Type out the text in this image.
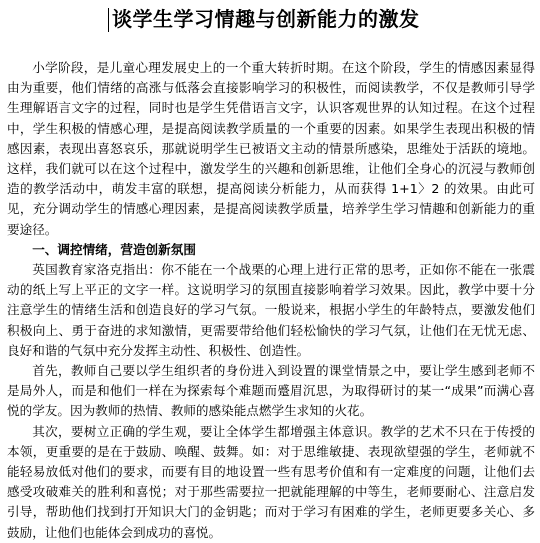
谈学生学习情趣与创新能力的激发

小学阶段，是儿童心理发展史上的一个重大转折时期。在这个阶段，学生的情感因素显得由为重要，他们情绪的高涨与低落会直接影响学习的积极性，而阅读教学，不仅是教师引导学生理解语言文字的过程，同时也是学生凭借语言文字，认识客观世界的认知过程。在这个过程中，学生积极的情感心理，是提高阅读教学质量的一个重要的因素。如果学生表现出积极的情感因素，表现出喜怒哀乐，那就说明学生已被语文主动的情景所感染，思维处于活跃的境地。这样，我们就可以在这个过程中，激发学生的兴趣和创新思维，让他们全身心的沉浸与教师创造的教学活动中，萌发丰富的联想，提高阅读分析能力，从而获得 1+1〉2 的效果。由此可见，充分调动学生的情感心理因素，是提高阅读教学质量，培养学生学习情趣和创新能力的重要途径。

一、调控情绪，营造创新氛围

英国教育家洛克指出：你不能在一个战栗的心理上进行正常的思考，正如你不能在一张震动的纸上写上平正的文字一样。这说明学习的氛围直接影响着学习效果。因此，教学中要十分注意学生的情绪生活和创造良好的学习气氛。一般说来，根据小学生的年龄特点，要激发他们积极向上、勇于奋进的求知激情，更需要带给他们轻松愉快的学习气氛，让他们在无忧无虑、良好和谐的气氛中充分发挥主动性、积极性、创造性。

首先，教师自己要以学生组织者的身份进入到设置的课堂情景之中，要让学生感到老师不是局外人，而是和他们一样在为探索每个难题而蹙眉沉思，为取得研讨的某一“成果”而满心喜悦的学友。因为教师的热情、教师的感染能点燃学生求知的火花。

其次，要树立正确的学生观，要让全体学生都增强主体意识。教学的艺术不只在于传授的本领，更重要的是在于鼓励、唤醒、鼓舞。如：对于思维敏捷、表现欲望强的学生，老师就不能轻易放低对他们的要求，而要有目的地设置一些有思考价值和有一定难度的问题，让他们去感受攻破难关的胜利和喜悦；对于那些需要拉一把就能理解的中等生，老师要耐心、注意启发引导，帮助他们找到打开知识大门的金钥匙；而对于学习有困难的学生，老师更要多关心、多鼓励，让他们也能体会到成功的喜悦。
